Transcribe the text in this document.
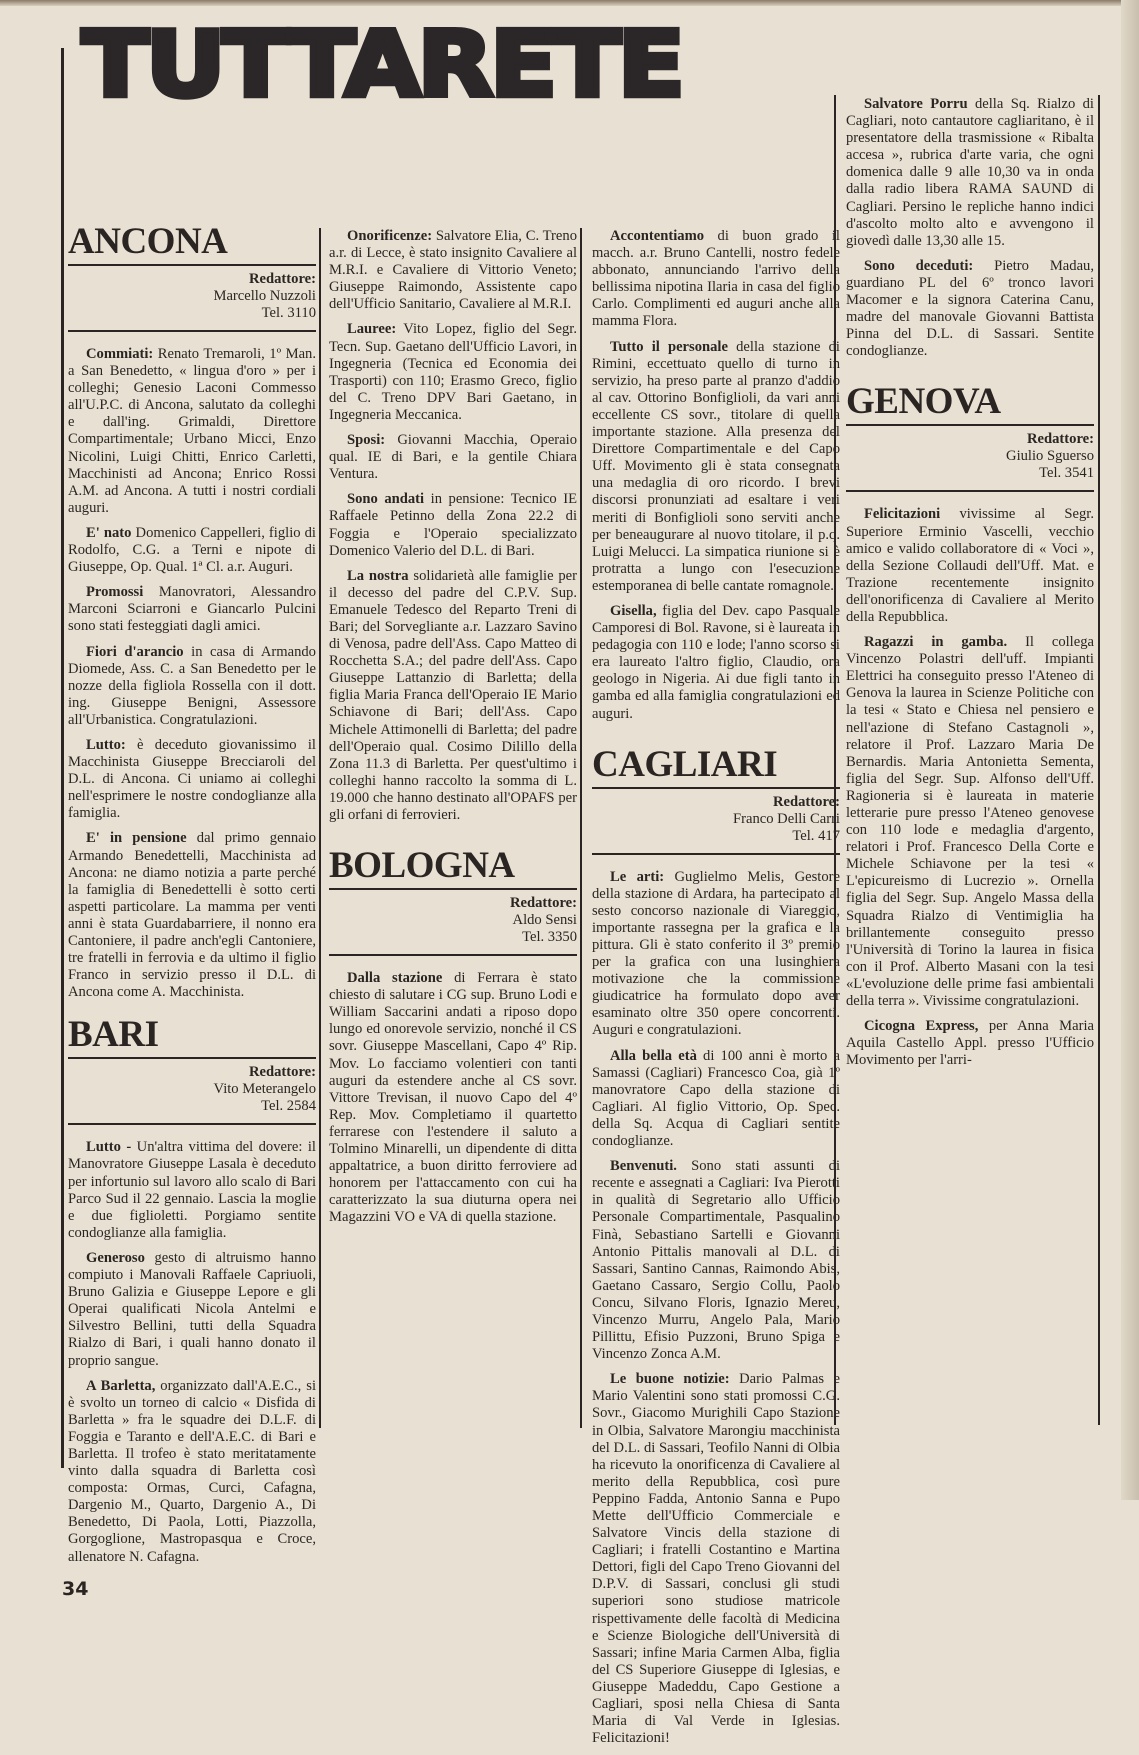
TUTTARETE
ANCONA
Redattore:
Marcello Nuzzoli
Tel. 3110

Commiati: Renato Tremaroli, 1º Man. a San Benedetto, « lingua d'oro » per i colleghi; Genesio Laconi Commesso all'U.P.C. di Ancona, salutato da colleghi e dall'ing. Grimaldi, Direttore Compartimentale; Urbano Micci, Enzo Nicolini, Luigi Chitti, Enrico Carletti, Macchinisti ad Ancona; Enrico Rossi A.M. ad Ancona. A tutti i nostri cordiali auguri.

E' nato Domenico Cappelleri, figlio di Rodolfo, C.G. a Terni e nipote di Giuseppe, Op. Qual. 1ª Cl. a.r. Auguri.

Promossi Manovratori, Alessandro Marconi Sciarroni e Giancarlo Pulcini sono stati festeggiati dagli amici.

Fiori d'arancio in casa di Armando Diomede, Ass. C. a San Benedetto per le nozze della figliola Rossella con il dott. ing. Giuseppe Benigni, Assessore all'Urbanistica. Congratulazioni.

Lutto: è deceduto giovanissimo il Macchinista Giuseppe Brecciaroli del D.L. di Ancona. Ci uniamo ai colleghi nell'esprimere le nostre condoglianze alla famiglia.

E' in pensione dal primo gennaio Armando Benedettelli, Macchinista ad Ancona: ne diamo notizia a parte perché la famiglia di Benedettelli è sotto certi aspetti particolare. La mamma per venti anni è stata Guardabarriere, il nonno era Cantoniere, il padre anch'egli Cantoniere, tre fratelli in ferrovia e da ultimo il figlio Franco in servizio presso il D.L. di Ancona come A. Macchinista.

BARI
Redattore:
Vito Meterangelo
Tel. 2584

Lutto - Un'altra vittima del dovere: il Manovratore Giuseppe Lasala è deceduto per infortunio sul lavoro allo scalo di Bari Parco Sud il 22 gennaio. Lascia la moglie e due figlioletti. Porgiamo sentite condoglianze alla famiglia.

Generoso gesto di altruismo hanno compiuto i Manovali Raffaele Capriuoli, Bruno Galizia e Giuseppe Lepore e gli Operai qualificati Nicola Antelmi e Silvestro Bellini, tutti della Squadra Rialzo di Bari, i quali hanno donato il proprio sangue.

A Barletta, organizzato dall'A.E.C., si è svolto un torneo di calcio « Disfida di Barletta » fra le squadre dei D.L.F. di Foggia e Taranto e dell'A.E.C. di Bari e Barletta. Il trofeo è stato meritatamente vinto dalla squadra di Barletta così composta: Ormas, Curci, Cafagna, Dargenio M., Quarto, Dargenio A., Di Benedetto, Di Paola, Lotti, Piazzolla, Gorgoglione, Mastropasqua e Croce, allenatore N. Cafagna.

Onorificenze: Salvatore Elia, C. Treno a.r. di Lecce, è stato insignito Cavaliere al M.R.I. e Cavaliere di Vittorio Veneto; Giuseppe Raimondo, Assistente capo dell'Ufficio Sanitario, Cavaliere al M.R.I.

Lauree: Vito Lopez, figlio del Segr. Tecn. Sup. Gaetano dell'Ufficio Lavori, in Ingegneria (Tecnica ed Economia dei Trasporti) con 110; Erasmo Greco, figlio del C. Treno DPV Bari Gaetano, in Ingegneria Meccanica.

Sposi: Giovanni Macchia, Operaio qual. IE di Bari, e la gentile Chiara Ventura.

Sono andati in pensione: Tecnico IE Raffaele Petinno della Zona 22.2 di Foggia e l'Operaio specializzato Domenico Valerio del D.L. di Bari.

La nostra solidarietà alle famiglie per il decesso del padre del C.P.V. Sup. Emanuele Tedesco del Reparto Treni di Bari; del Sorvegliante a.r. Lazzaro Savino di Venosa, padre dell'Ass. Capo Matteo di Rocchetta S.A.; del padre dell'Ass. Capo Giuseppe Lattanzio di Barletta; della figlia Maria Franca dell'Operaio IE Mario Schiavone di Bari; dell'Ass. Capo Michele Attimonelli di Barletta; del padre dell'Operaio qual. Cosimo Dilillo della Zona 11.3 di Barletta. Per quest'ultimo i colleghi hanno raccolto la somma di L. 19.000 che hanno destinato all'OPAFS per gli orfani di ferrovieri.

BOLOGNA
Redattore:
Aldo Sensi
Tel. 3350

Dalla stazione di Ferrara è stato chiesto di salutare i CG sup. Bruno Lodi e William Saccarini andati a riposo dopo lungo ed onorevole servizio, nonché il CS sovr. Giuseppe Mascellani, Capo 4º Rip. Mov. Lo facciamo volentieri con tanti auguri da estendere anche al CS sovr. Vittore Trevisan, il nuovo Capo del 4º Rep. Mov. Completiamo il quartetto ferrarese con l'estendere il saluto a Tolmino Minarelli, un dipendente di ditta appaltatrice, a buon diritto ferroviere ad honorem per l'attaccamento con cui ha caratterizzato la sua diuturna opera nei Magazzini VO e VA di quella stazione.

Accontentiamo di buon grado il macch. a.r. Bruno Cantelli, nostro fedele abbonato, annunciando l'arrivo della bellissima nipotina Ilaria in casa del figlio Carlo. Complimenti ed auguri anche alla mamma Flora.

Tutto il personale della stazione di Rimini, eccettuato quello di turno in servizio, ha preso parte al pranzo d'addio al cav. Ottorino Bonfiglioli, da vari anni eccellente CS sovr., titolare di quella importante stazione. Alla presenza del Direttore Compartimentale e del Capo Uff. Movimento gli è stata consegnata una medaglia di oro ricordo. I brevi discorsi pronunziati ad esaltare i veri meriti di Bonfiglioli sono serviti anche per beneaugurare al nuovo titolare, il p.q. Luigi Melucci. La simpatica riunione si è protratta a lungo con l'esecuzione estemporanea di belle cantate romagnole.

Gisella, figlia del Dev. capo Pasquale Camporesi di Bol. Ravone, si è laureata in pedagogia con 110 e lode; l'anno scorso si era laureato l'altro figlio, Claudio, ora geologo in Nigeria. Ai due figli tanto in gamba ed alla famiglia congratulazioni ed auguri.

CAGLIARI
Redattore:
Franco Delli Carri
Tel. 417

Le arti: Guglielmo Melis, Gestore della stazione di Ardara, ha partecipato al sesto concorso nazionale di Viareggio, importante rassegna per la grafica e la pittura. Gli è stato conferito il 3º premio per la grafica con una lusinghiera motivazione che la commissione giudicatrice ha formulato dopo aver esaminato oltre 350 opere concorrenti. Auguri e congratulazioni.

Alla bella età di 100 anni è morto a Samassi (Cagliari) Francesco Coa, già 1º manovratore Capo della stazione di Cagliari. Al figlio Vittorio, Op. Spec. della Sq. Acqua di Cagliari sentite condoglianze.

Benvenuti. Sono stati assunti di recente e assegnati a Cagliari: Iva Pierotti in qualità di Segretario allo Ufficio Personale Compartimentale, Pasqualino Finà, Sebastiano Sartelli e Giovanni Antonio Pittalis manovali al D.L. di Sassari, Santino Cannas, Raimondo Abis, Gaetano Cassaro, Sergio Collu, Paolo Concu, Silvano Floris, Ignazio Mereu, Vincenzo Murru, Angelo Pala, Mario Pillittu, Efisio Puzzoni, Bruno Spiga e Vincenzo Zonca A.M.

Le buone notizie: Dario Palmas e Mario Valentini sono stati promossi C.G. Sovr., Giacomo Murighili Capo Stazione in Olbia, Salvatore Marongiu macchinista del D.L. di Sassari, Teofilo Nanni di Olbia ha ricevuto la onorificenza di Cavaliere al merito della Repubblica, così pure Peppino Fadda, Antonio Sanna e Pupo Mette dell'Ufficio Commerciale e Salvatore Vincis della stazione di Cagliari; i fratelli Costantino e Martina Dettori, figli del Capo Treno Giovanni del D.P.V. di Sassari, conclusi gli studi superiori sono studiose matricole rispettivamente delle facoltà di Medicina e Scienze Biologiche dell'Università di Sassari; infine Maria Carmen Alba, figlia del CS Superiore Giuseppe di Iglesias, e Giuseppe Madeddu, Capo Gestione a Cagliari, sposi nella Chiesa di Santa Maria di Val Verde in Iglesias. Felicitazioni!

Salvatore Porru della Sq. Rialzo di Cagliari, noto cantautore cagliaritano, è il presentatore della trasmissione « Ribalta accesa », rubrica d'arte varia, che ogni domenica dalle 9 alle 10,30 va in onda dalla radio libera RAMA SAUND di Cagliari. Persino le repliche hanno indici d'ascolto molto alto e avvengono il giovedì dalle 13,30 alle 15.

Sono deceduti: Pietro Madau, guardiano PL del 6º tronco lavori Macomer e la signora Caterina Canu, madre del manovale Giovanni Battista Pinna del D.L. di Sassari. Sentite condoglianze.

GENOVA
Redattore:
Giulio Sguerso
Tel. 3541

Felicitazioni vivissime al Segr. Superiore Erminio Vascelli, vecchio amico e valido collaboratore di « Voci », della Sezione Collaudi dell'Uff. Mat. e Trazione recentemente insignito dell'onorificenza di Cavaliere al Merito della Repubblica.

Ragazzi in gamba. Il collega Vincenzo Polastri dell'uff. Impianti Elettrici ha conseguito presso l'Ateneo di Genova la laurea in Scienze Politiche con la tesi « Stato e Chiesa nel pensiero e nell'azione di Stefano Castagnoli », relatore il Prof. Lazzaro Maria De Bernardis. Maria Antonietta Sementa, figlia del Segr. Sup. Alfonso dell'Uff. Ragioneria si è laureata in materie letterarie pure presso l'Ateneo genovese con 110 lode e medaglia d'argento, relatori i Prof. Francesco Della Corte e Michele Schiavone per la tesi « L'epicureismo di Lucrezio ». Ornella figlia del Segr. Sup. Angelo Massa della Squadra Rialzo di Ventimiglia ha brillantemente conseguito presso l'Università di Torino la laurea in fisica con il Prof. Alberto Masani con la tesi «L'evoluzione delle prime fasi ambientali della terra ». Vivissime congratulazioni.

Cicogna Express, per Anna Maria Aquila Castello Appl. presso l'Ufficio Movimento per l'arri-

34
